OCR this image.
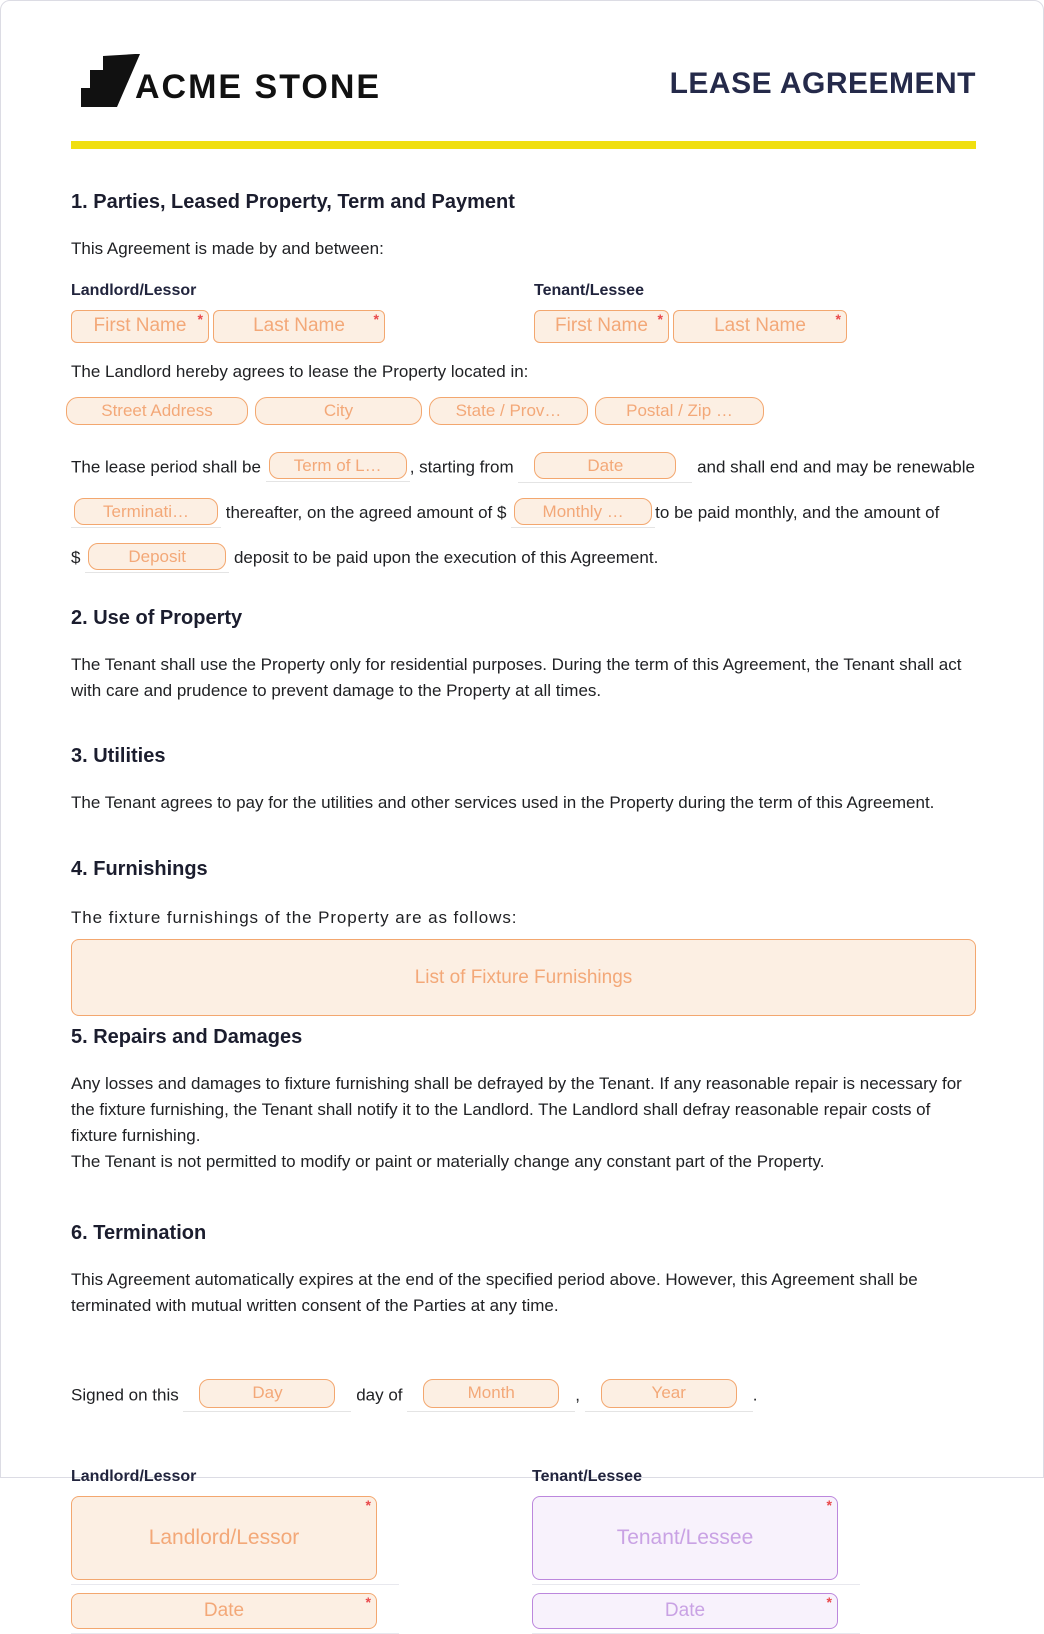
ACME STONE	LEASE AGREEMENT
1. Parties, Leased Property, Term and Payment
This Agreement is made by and between:
Landlord/Lessor	Tenant/Lessee
First Name *	Last Name *	First Name *	Last Name *
The Landlord hereby agrees to lease the Property located in:
Street Address	City	State / Prov…	Postal / Zip …
The lease period shall be Term of L… , starting from	Date	and shall end and may be renewable
Terminati… thereafter, on the agreed amount of $ Monthly … to be paid monthly, and the amount of
$	Deposit	deposit to be paid upon the execution of this Agreement.
2. Use of Property
The Tenant shall use the Property only for residential purposes. During the term of this Agreement, the Tenant shall act with care and prudence to prevent damage to the Property at all times.
3. Utilities
The Tenant agrees to pay for the utilities and other services used in the Property during the term of this Agreement.
4. Furnishings
The fixture furnishings of the Property are as follows:
List of Fixture Furnishings
5. Repairs and Damages
Any losses and damages to fixture furnishing shall be defrayed by the Tenant. If any reasonable repair is necessary for the fixture furnishing, the Tenant shall notify it to the Landlord. The Landlord shall defray reasonable repair costs of fixture furnishing.
The Tenant is not permitted to modify or paint or materially change any constant part of the Property.
6. Termination
This Agreement automatically expires at the end of the specified period above. However, this Agreement shall be terminated with mutual written consent of the Parties at any time.
Signed on this	Day	day of	Month	,	Year	.
Landlord/Lessor
Landlord/Lessor
*

Date	*
Tenant/Lessee
Tenant/Lessee
*

Date	*
